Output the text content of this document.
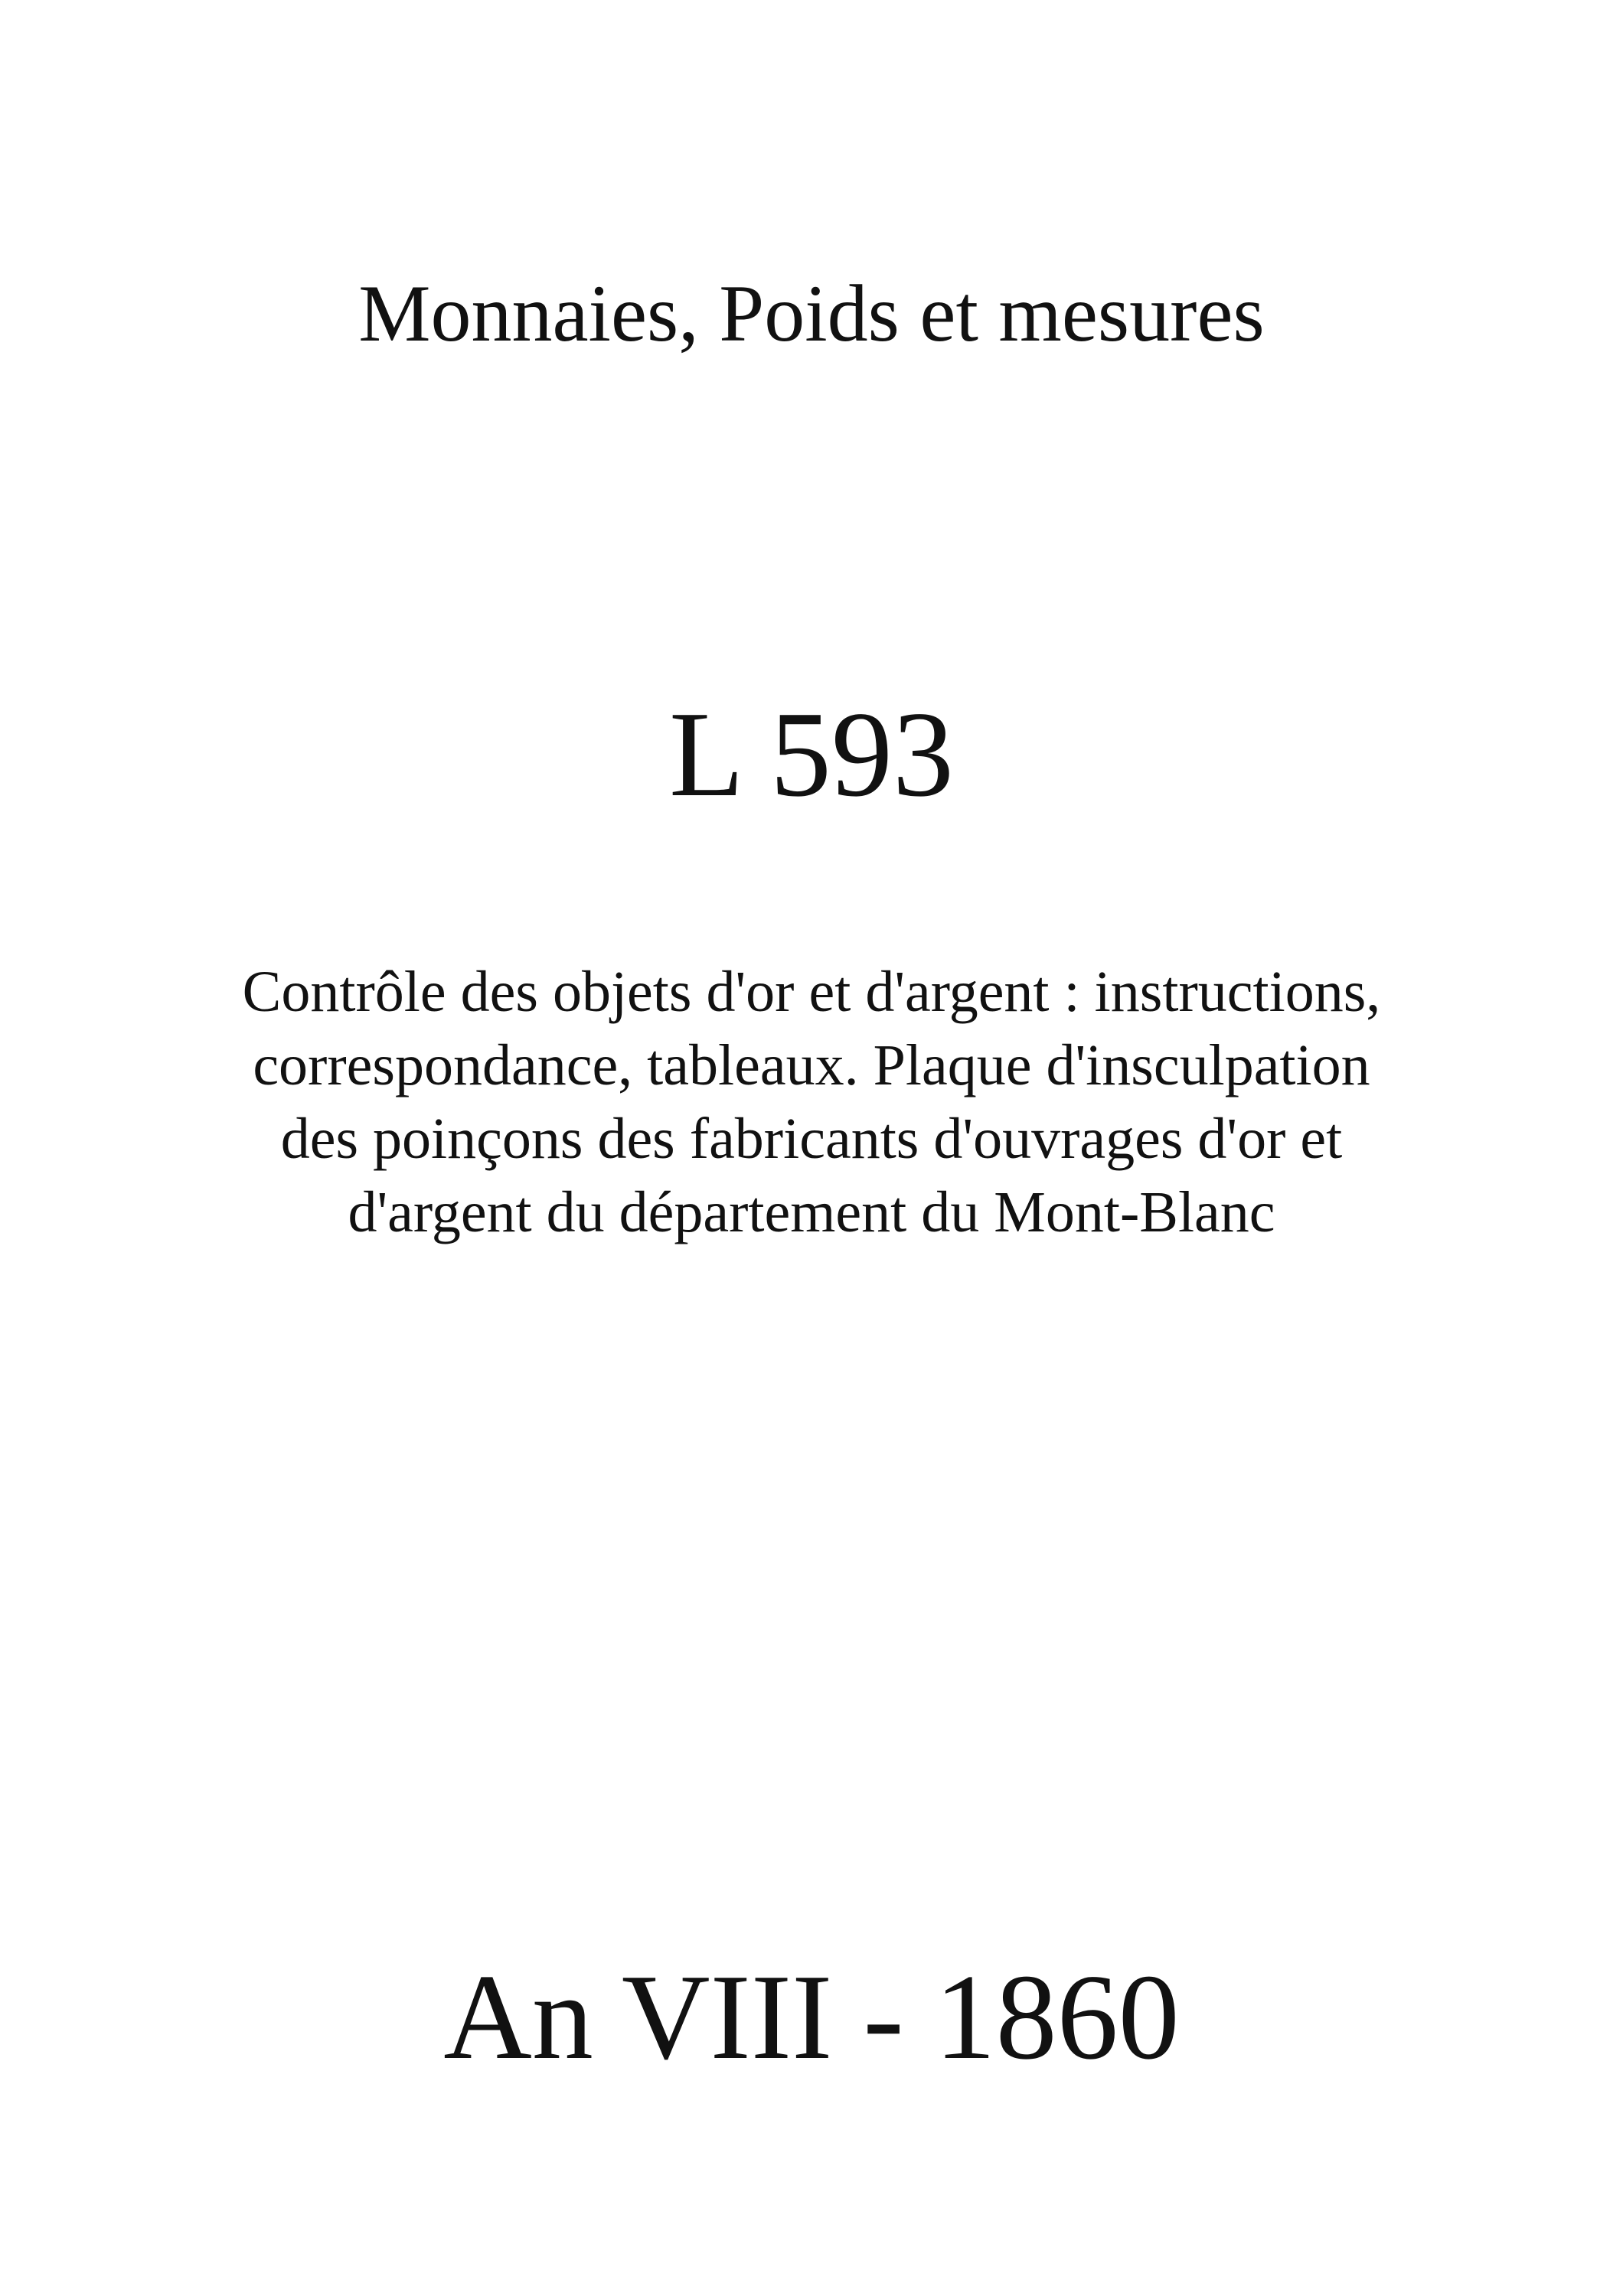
Monnaies, Poids et mesures
L 593
Contrôle des objets d'or et d'argent : instructions,
correspondance, tableaux. Plaque d'insculpation
des poinçons des fabricants d'ouvrages d'or et
d'argent du département du Mont-Blanc
An VIII - 1860
